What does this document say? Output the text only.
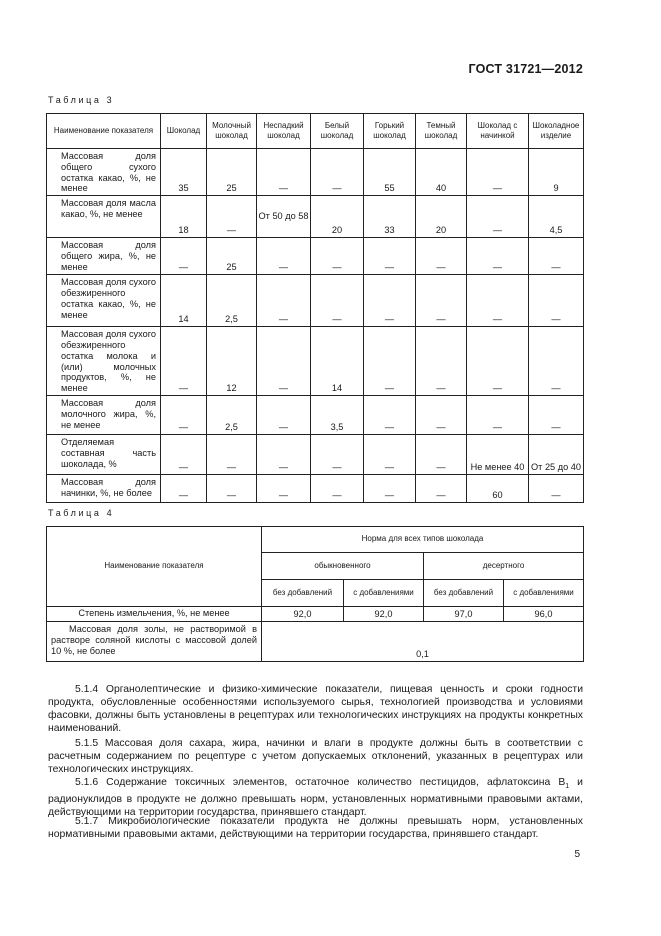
ГОСТ 31721—2012
Таблица 3
Наименование показателя	Шоколад	Молочный шоколад	Неспадкий шоколад	Белый шоколад	Горький шоколад	Темный шоколад	Шоколад с начинкой	Шоколадное изделие
Массовая доля общего сухого остатка какао, %, не менее	35	25	—	—	55	40	—	9
Массовая доля масла какао, %, не менее	18	—	От 50 до 58	20	33	20	—	4,5
Массовая доля общего жира, %, не менее	—	25	—	—	—	—	—	—
Массовая доля сухого обезжиренного остатка какао, %, не менее	14	2,5	—	—	—	—	—	—
Массовая доля сухого обезжиренного остатка молока и (или) молочных продуктов, %, не менее	—	12	—	14	—	—	—	—
Массовая доля молочного жира, %, не менее	—	2,5	—	3,5	—	—	—	—
Отделяемая составная часть шоколада, %	—	—	—	—	—	—	Не менее 40	От 25 до 40
Массовая доля начинки, %, не более	—	—	—	—	—	—	60	—
Таблица 4
Наименование показателя	Норма для всех типов шоколада			
	обыкновенного		десертного	
	без добавлений	с добавлениями	без добавлений	с добавлениями
Степень измельчения, %, не менее	92,0	92,0	97,0	96,0
Массовая доля золы, не растворимой в растворе соляной кислоты с массовой долей 10 %, не более	0,1			

5.1.4 Органолептические и физико-химические показатели, пищевая ценность и сроки годности продукта, обусловленные особенностями используемого сырья, технологией производства и условиями фасовки, должны быть установлены в рецептурах или технологических инструкциях на продукты конкретных наименований.

5.1.5 Массовая доля сахара, жира, начинки и влаги в продукте должны быть в соответствии с расчетным содержанием по рецептуре с учетом допускаемых отклонений, указанных в рецептурах или технологических инструкциях.

5.1.6 Содержание токсичных элементов, остаточное количество пестицидов, афлатоксина $B_1$ и радионуклидов в продукте не должно превышать норм, установленных нормативными правовыми актами, действующими на территории государства, принявшего стандарт.

5.1.7 Микробиологические показатели продукта не должны превышать норм, установленных нормативными правовыми актами, действующими на территории государства, принявшего стандарт.

5
